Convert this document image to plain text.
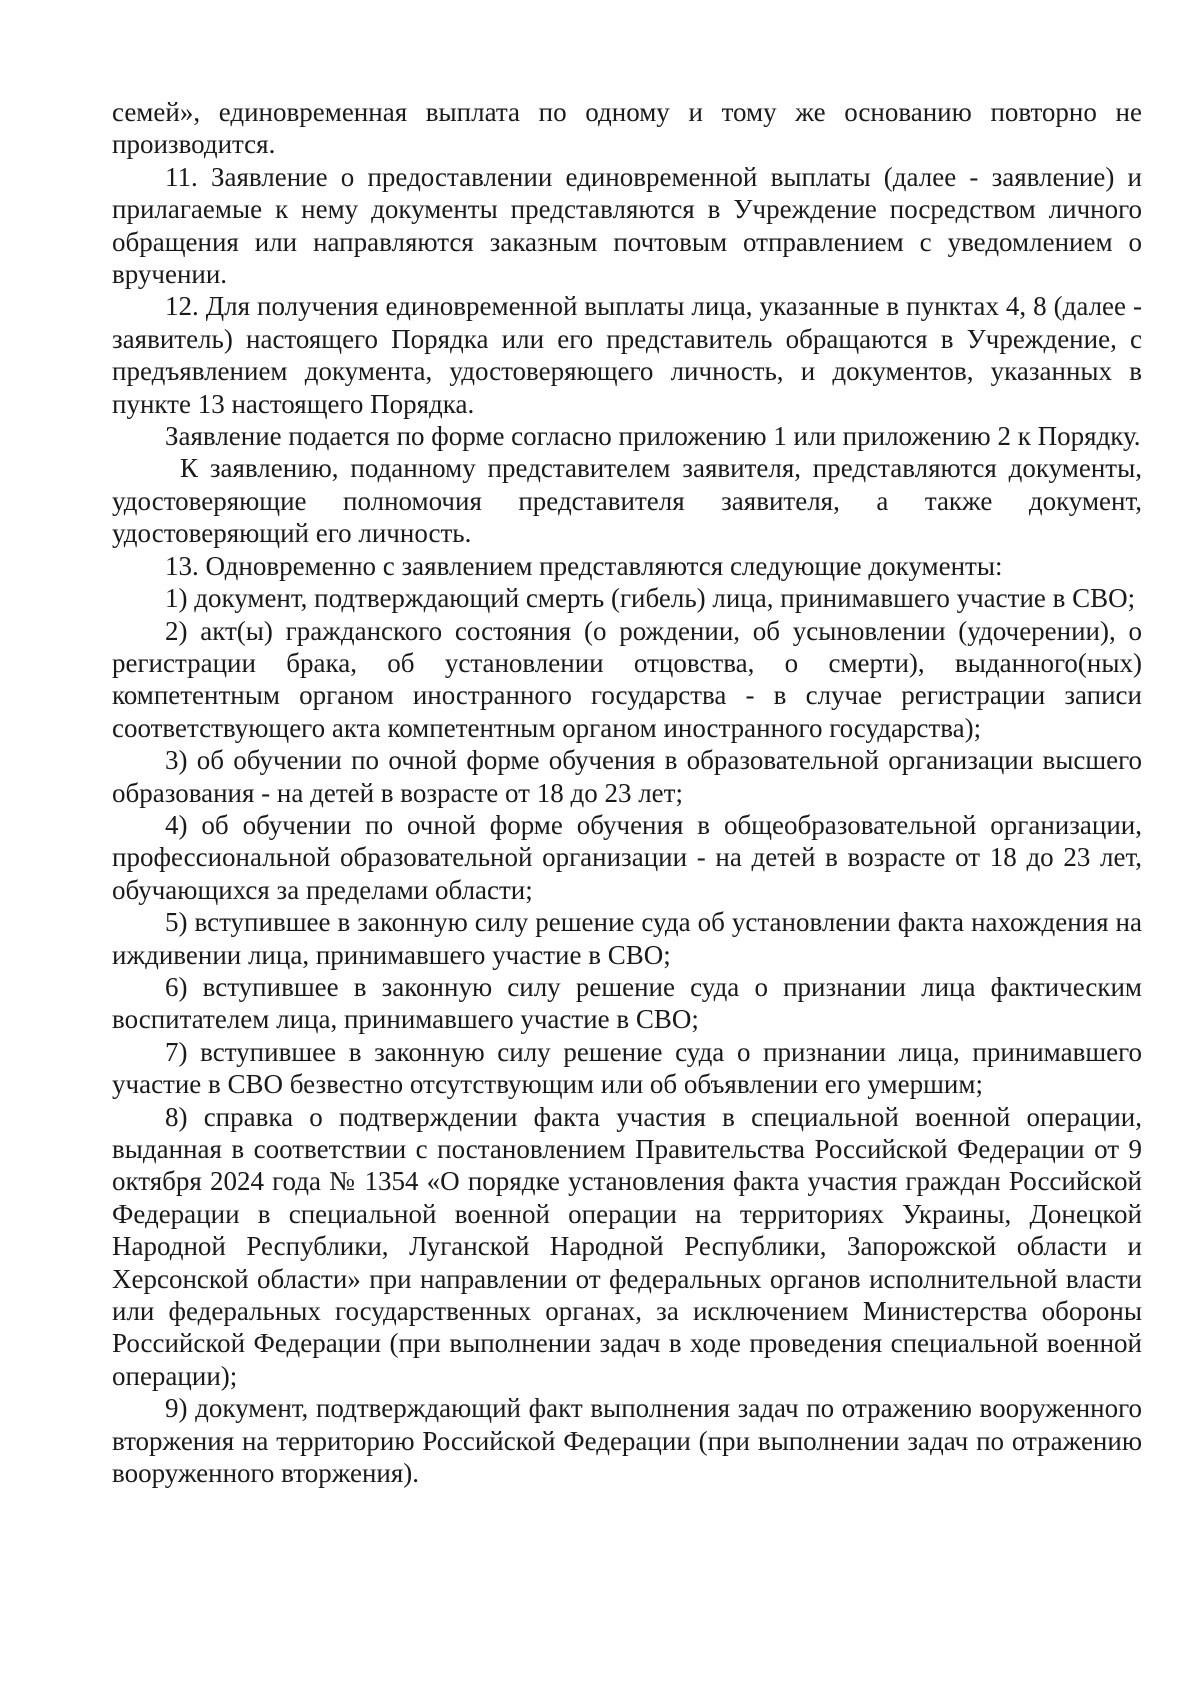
семей», единовременная выплата по одному и тому же основанию повторно не производится.

11. Заявление о предоставлении единовременной выплаты (далее - заявление) и прилагаемые к нему документы представляются в Учреждение посредством личного обращения или направляются заказным почтовым отправлением с уведомлением о вручении.

12. Для получения единовременной выплаты лица, указанные в пунктах 4, 8 (далее - заявитель) настоящего Порядка или его представитель обращаются в Учреждение, с предъявлением документа, удостоверяющего личность, и документов, указанных в пункте 13 настоящего Порядка.

Заявление подается по форме согласно приложению 1 или приложению 2 к Порядку.

К заявлению, поданному представителем заявителя, представляются документы, удостоверяющие полномочия представителя заявителя, а также документ, удостоверяющий его личность.

13. Одновременно с заявлением представляются следующие документы:

1) документ, подтверждающий смерть (гибель) лица, принимавшего участие в СВО;

2) акт(ы) гражданского состояния (о рождении, об усыновлении (удочерении), о регистрации брака, об установлении отцовства, о смерти), выданного(ных) компетентным органом иностранного государства - в случае регистрации записи соответствующего акта компетентным органом иностранного государства);

3) об обучении по очной форме обучения в образовательной организации высшего образования - на детей в возрасте от 18 до 23 лет;

4) об обучении по очной форме обучения в общеобразовательной организации, профессиональной образовательной организации - на детей в возрасте от 18 до 23 лет, обучающихся за пределами области;

5) вступившее в законную силу решение суда об установлении факта нахождения на иждивении лица, принимавшего участие в СВО;

6) вступившее в законную силу решение суда о признании лица фактическим воспитателем лица, принимавшего участие в СВО;

7) вступившее в законную силу решение суда о признании лица, принимавшего участие в СВО безвестно отсутствующим или об объявлении его умершим;

8) справка о подтверждении факта участия в специальной военной операции, выданная в соответствии с постановлением Правительства Российской Федерации от 9 октября 2024 года № 1354 «О порядке установления факта участия граждан Российской Федерации в специальной военной операции на территориях Украины, Донецкой Народной Республики, Луганской Народной Республики, Запорожской области и Херсонской области» при направлении от федеральных органов исполнительной власти или федеральных государственных органах, за исключением Министерства обороны Российской Федерации (при выполнении задач в ходе проведения специальной военной операции);

9) документ, подтверждающий факт выполнения задач по отражению вооруженного вторжения на территорию Российской Федерации (при выполнении задач по отражению вооруженного вторжения).
